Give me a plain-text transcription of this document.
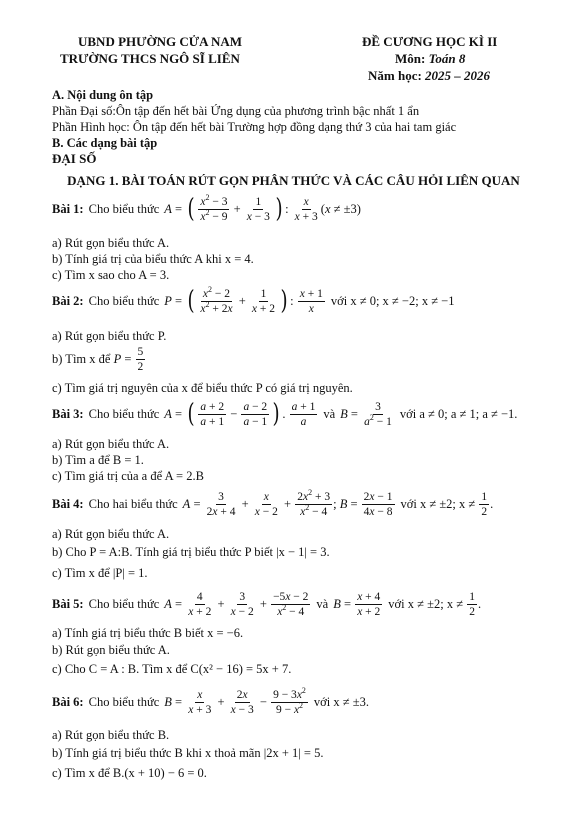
UBND PHƯỜNG CỬA NAM
TRƯỜNG THCS NGÔ SĨ LIÊN
ĐỀ CƯƠNG HỌC KÌ II
Môn: Toán 8
Năm học: 2025 – 2026
A. Nội dung ôn tập
Phần Đại số:Ôn tập đến hết bài Ứng dụng của phương trình bậc nhất 1 ẩn
Phần Hình học: Ôn tập đến hết bài Trường hợp đồng dạng thứ 3 của hai tam giác
B. Các dạng bài tập
ĐẠI SỐ
DẠNG 1. BÀI TOÁN RÚT GỌN PHÂN THỨC VÀ CÁC CÂU HỎI LIÊN QUAN
Bài 1: Cho biểu thức A = ( $\frac{x^2 - 3}{x^2 - 9} + \frac{1}{x - 3}$ ) : $\frac{x}{x + 3} (x \ne \pm 3)$
a) Rút gọn biểu thức A.
b) Tính giá trị của biểu thức A khi x = 4.
c) Tìm x sao cho A = 3.
Bài 2: Cho biểu thức P = ( $\frac{x^2 - 2}{x^2 + 2x} + \frac{1}{x + 2}$ ) : $\frac{x + 1}{x}$ với x ≠ 0; x ≠ −2; x ≠ −1
a) Rút gọn biểu thức P.
b) Tìm x để
$P = \frac{5}{2}$
c) Tìm giá trị nguyên của x để biểu thức P có giá trị nguyên.
Bài 3: Cho biểu thức A = ( $\frac{a + 2}{a + 1} - \frac{a - 2}{a - 1}$ ) . $\frac{a + 1}{a}$ và $B = \frac{3}{a^2 - 1}$ với a ≠ 0; a ≠ 1; a ≠ −1.
a) Rút gọn biểu thức A.
b) Tìm a để B = 1.
c) Tìm giá trị của a để A = 2.B
Bài 4: Cho hai biểu thức $A = \frac{3}{2x + 4} + \frac{x}{x - 2} + \frac{2x^2 + 3}{x^2 - 4}$ ; $B = \frac{2x - 1}{4x - 8}$ với x ≠ ±2; x ≠
$\frac{1}{2}$ .
a) Rút gọn biểu thức A.
b) Cho P = A:B. Tính giá trị biểu thức P biết |x − 1| = 3.
c) Tìm x để |P| = 1.
Bài 5: Cho biểu thức $A = \frac{4}{x + 2} + \frac{3}{x - 2} + \frac{-5x - 2}{x^2 - 4}$ và $B = \frac{x + 4}{x + 2}$ với x ≠ ±2; x ≠
$\frac{1}{2}$ .
a) Tính giá trị biểu thức B biết x = −6.
b) Rút gọn biểu thức A.
c) Cho C = A : B. Tìm x để C(x² − 16) = 5x + 7.
Bài 6: Cho biểu thức $B = \frac{x}{x + 3} + \frac{2x}{x - 3} - \frac{9 - 3x^2}{9 - x^2}$ với x ≠ ±3.
a) Rút gọn biểu thức B.
b) Tính giá trị biểu thức B khi x thoả mãn |2x + 1| = 5.
c) Tìm x để B.(x + 10) − 6 = 0.
